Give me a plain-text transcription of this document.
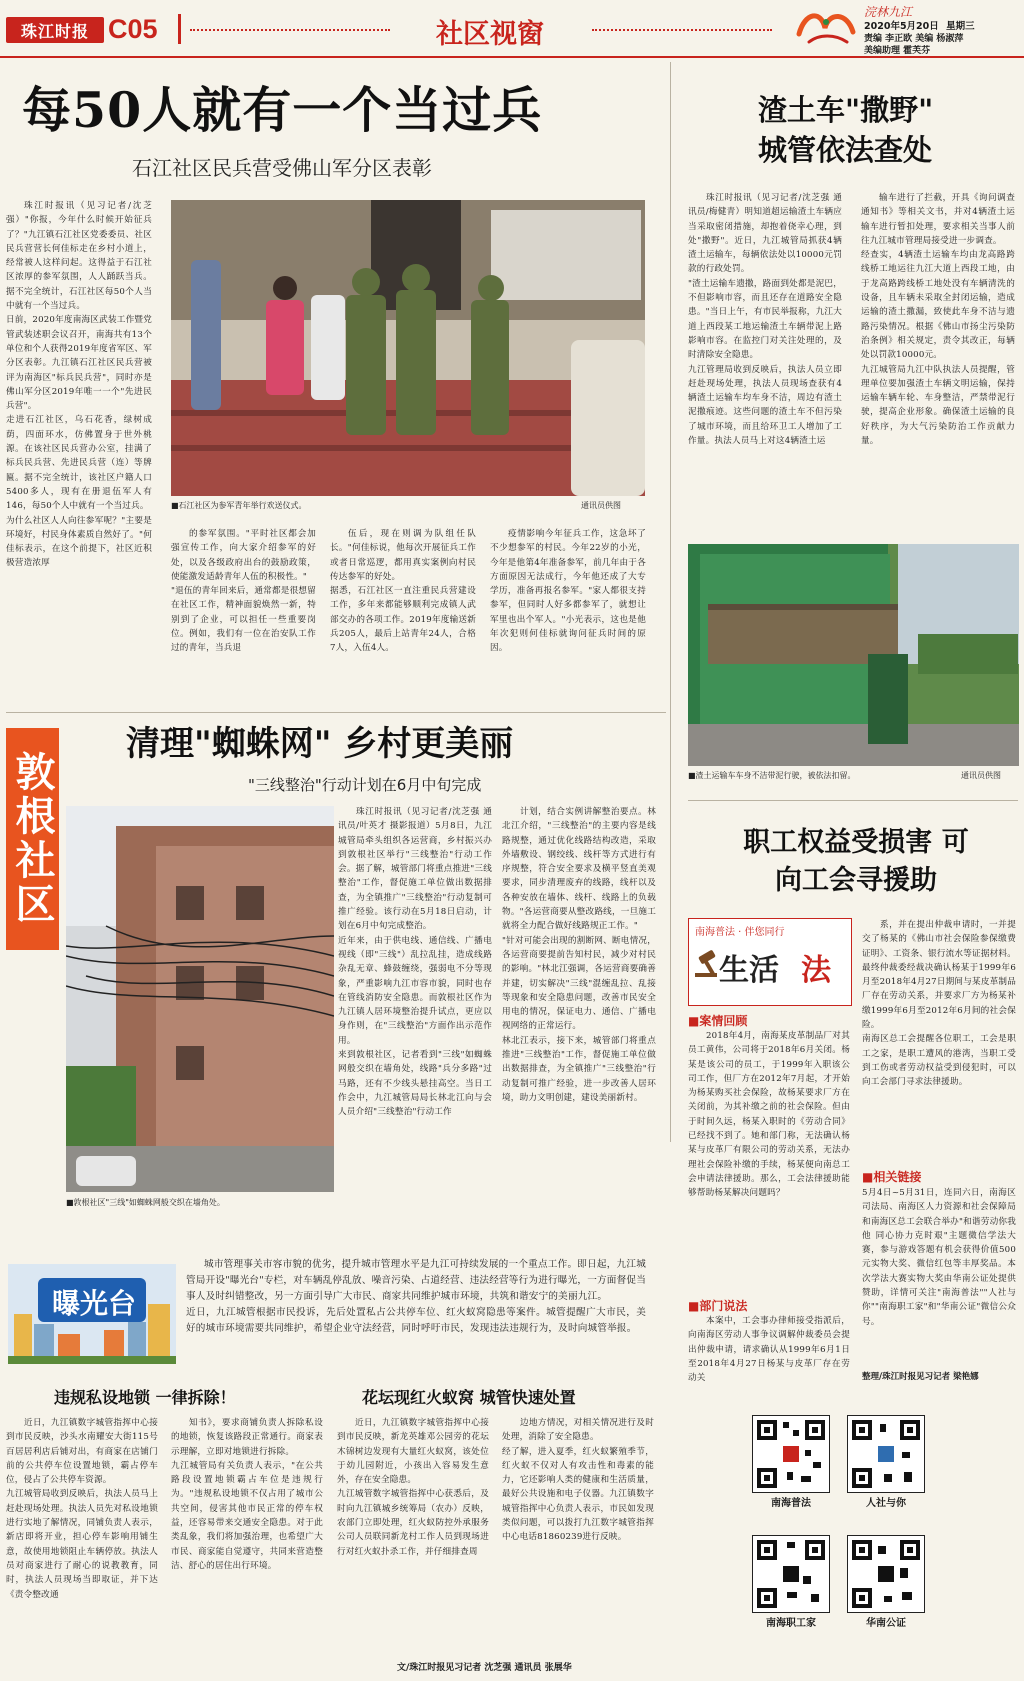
珠江时报 C05	社区视窗
浣林九江
2020年5月20日 星期三
责编 李正欧 美编 杨淑萍
美编助理 霍芙芬
每50人就有一个当过兵
石江社区民兵营受佛山军分区表彰
珠江时报讯（见习记者/沈芝强）"你报，今年什么时候开始征兵了？"九江镇石江社区党委委员、社区民兵营营长何佳标走在乡村小道上，经常被人这样问起。这得益于石江社区浓厚的参军氛围，人人踊跃当兵。据不完全统计，石江社区每50个人当中就有一个当过兵。
日前，2020年度南海区武装工作暨党管武装述职会议召开，南海共有13个单位和个人获得2019年度省军区、军分区表彰。九江镇石江社区民兵营被评为南海区"标兵民兵营"，同时亦是佛山军分区2019年唯一一个"先进民兵营"。
走进石江社区，乌石花香，绿树成荫，四面环水，仿佛置身于世外桃源。在该社区民兵营办公室，挂满了标兵民兵营、先进民兵营（连）等牌匾。据不完全统计，该社区户籍人口5400多人，现有在册退伍军人有146，每50个人中就有一个当过兵。
为什么社区人人向往参军呢？"主要是环境好，村民身体素质自然好了。"何佳标表示，在这个前提下，社区近积极营造浓厚
■石江社区为参军青年举行欢送仪式。	通讯员供图
的参军氛围。"平时社区都会加强宣传工作，向大家介绍参军的好处，以及各级政府出台的鼓励政策，使能激发适龄青年人伍的积极性。"
"退伍的青年回来后，通常都是很想留在社区工作，精神面貌焕然一新，特别到了企业，可以担任一些重要岗位。例如，我们有一位在治安队工作过的青年，当兵退
伍后，现在则调为队组任队长。"何佳标说，他每次开展征兵工作或者日常巡逻，都用真实案例向村民传达参军的好处。
据悉，石江社区一直注重民兵营建设工作，多年来都能够顺利完成镇人武部交办的各项工作。2019年度输送新兵205人，最后上站青年24人，合格7人，入伍4人。
疫情影响今年征兵工作，这急坏了不少想参军的村民。今年22岁的小光，今年是他第4年准备参军，前几年由于各方面原因无法成行，今年他还成了大专学历，准备再报名参军。"家人都很支持参军，但同时人好多都参军了，就想让军里也出个军人。"小光表示，这也是他年次犯则何佳标就询问征兵时间的原因。
渣土车"撒野" 城管依法查处
珠江时报讯（见习记者/沈芝强 通讯员/梅健青）明知道超运输渣土车辆应当采取密闭措施，却抱着侥幸心理，到处"撒野"。近日，九江城管局抓获4辆渣土运输车，每辆依法处以10000元罚款的行政处罚。
"渣土运输车遗撒，路面到处都是泥巴，不但影响市容，而且还存在道路安全隐患。"当日上午，有市民举报称，九江大道上西段某工地运输渣土车辆带泥上路影响市容。在监控门对关注处理的，及时清除安全隐患。
九江管理局收到反映后，执法人员立即赶赴现场处理，执法人员现场查获有4辆渣土运输车均车身不洁，周边有渣土泥撒痕迹。这些问题的渣土车不但污染了城市环境，而且给环卫工人增加了工作量。执法人员马上对这4辆渣土运
输车进行了拦截，开具《询问调查通知书》等相关文书，并对4辆渣土运输车进行暂扣处理，要求相关当事人前往九江城市管理局接受进一步调查。
经查实，4辆渣土运输车均由龙高路跨线桥工地运往九江大道上西段工地，由于龙高路跨线桥工地处没有车辆清洗的设备，且车辆未采取全封闭运输，造成运输的渣土撒漏，致使此车身不洁与遗路污染情况。根据《佛山市扬尘污染防治条例》相关规定，责令其改正，每辆处以罚款10000元。
九江城管局九江中队执法人员提醒，管理单位要加强渣土车辆文明运输，保持运输车辆车轮、车身整洁，严禁带泥行驶，提高企业形象。确保渣土运输的良好秩序，为大气污染防治工作贡献力量。
■渣土运输车车身不洁带泥行驶，被依法扣留。	通讯员供图
敦根社区
清理"蜘蛛网" 乡村更美丽
"三线整治"行动计划在6月中旬完成
■敦根社区"三线"如蜘蛛网般交织在墙角处。
珠江时报讯（见习记者/沈芝强 通讯员/叶英才 摄影报道）5月8日，九江城管局牵头组织各运营商，乡村振兴办到敦根社区举行"三线整治"行动工作会。据了解，城管部门将重点推进"三线整治"工作，督促施工单位做出数据排查，为全镇推广"三线整治"行动复制可推广经验。该行动在5月18日启动，计划在6月中旬完成整治。
近年来，由于供电线、通信线、广播电视线（即"三线"）乱拉乱挂，造成线路杂乱无章、蜂鼓缠绕，强弱电不分等现象，严重影响九江市容市貌，同时也存在管线消防安全隐患。而敦根社区作为九江镇人居环境整治提升试点，更应以身作则，在"三线整治"方面作出示范作用。
来到敦根社区，记者看到"三线"如蜘蛛网般交织在墙角处，线路"兵分多路"过马路，还有不少线头悬挂高空。当日工作会中，九江城管局局长林北江向与会人员介绍"三线整治"行动工作
计划，结合实例讲解整治要点。林北江介绍，"三线整治"的主要内容是线路规整，通过优化线路结构改造，采取外墙敷设、钢绞线、线杆等方式进行有序规整，符合安全要求及横平竖直美观要求，同步清理废弃的线路，线杆以及各种安放在墙体、线杆、线路上的负载物。"各运营商要从整改路线，一旦施工就将全力配合做好线路规正工作。"
"针对可能会出现的割断网、断电情况，各运营商要提前告知村民，减少对村民的影响。"林北江强调，各运营商要确善并建，切实解决"三线"混缠乱拉、乱接等现象和安全隐患问题，改善市民安全用电的情况，保证电力、通信、广播电视网络的正常运行。
林北江表示，接下来，城管部门将重点推进"三线整治"工作，督促施工单位做出数据排查，为全镇推广"三线整治"行动复制可推广经验，进一步改善人居环境，助力文明创建，建设美丽新村。
职工权益受损害 可向工会寻援助
南海普法 · 伴您同行
生活 法
■案情回顾
2018年4月，南海某皮革制品厂对其员工黄伟，公司将于2018年6月关闭。杨某是该公司的员工，于1999年入职该公司工作，但厂方在2012年7月起，才开始为杨某购买社会保险，故杨某要求厂方在关闭前，为其补缴之前的社会保险。但由于时间久远，杨某入职时的《劳动合同》已经找不到了。她和部门称，无法确认杨某与皮革厂有限公司的劳动关系，无法办理社会保险补缴的手续，杨某便向南总工会申请法律援助。那么，工会法律援助能够帮助杨某解决问题吗？
■部门说法
本案中，工会事办律师接受指派后，向南海区劳动人事争议调解仲裁委员会提出仲裁申请，请求确认从1999年6月1日至2018年4月27日杨某与皮革厂存在劳动关
系，并在提出仲裁申请时，一并提交了杨某的《佛山市社会保险参保缴费证明》、工资条、银行流水等证据材料。最终仲裁委经裁决确认杨某于1999年6月至2018年4月27日期间与某皮革制品厂存在劳动关系，并要求厂方为杨某补缴1999年6月至2012年6月间的社会保险。
南海区总工会提醒各位职工，工会是职工之家，是职工遭风的港湾，当职工受到工伤或者劳动权益受到侵犯时，可以向工会部门寻求法律援助。
■相关链接
5月4日~5月31日，连同六日，南海区司法局、南海区人力资源和社会保障局和南海区总工会联合举办"和谐劳动你我他 同心协力克时艰"主题微信学法大赛，参与游戏答题有机会获得价值500元实物大奖、微信红包等丰厚奖品。本次学法大赛实物大奖由华南公证处提供赞助，详情可关注"南海普法""人社与你""南海职工家"和"华南公证"微信公众号。
整理/珠江时报见习记者 梁艳娜
南海普法	人社与你
南海职工家	华南公证
曝光台
城市管理事关市容市貌的优劣，提升城市管理水平是九江可持续发展的一个重点工作。即日起，九江城管局开设"曝光台"专栏，对车辆乱停乱放、噪音污染、占道经营、违法经营等行为进行曝光，一方面督促当事人及时纠错整改，另一方面引导广大市民、商家共同维护城市环境，共筑和谐安宁的美丽九江。
近日，九江城管根据市民投诉，先后处置私占公共停车位、红火蚁窝隐患等案件。城管提醒广大市民，美好的城市环境需要共同维护，希望企业守法经营，同时呼吁市民，发现违法违规行为，及时向城管举报。
违规私设地锁 一律拆除！	花坛现红火蚁窝 城管快速处置
近日，九江镇数字城管指挥中心接到市民反映，沙头水南耀安大街115号百居居利店后铺对出，有商家在店铺门前的公共停车位设置地锁，霸占停车位，侵占了公共停车资源。
九江城管局收到反映后，执法人员马上赶赴现场处理。执法人员先对私设地锁进行实地了解情况，同铺负责人表示，新店即将开业，担心停车影响用铺生意，故使用地锁阻止车辆停放。执法人员对商家进行了耐心的说教教育，同时，执法人员现场当即取证，并下达《责令整改通
知书》，要求商铺负责人拆除私设的地锁，恢复该路段正常通行。商家表示理解，立即对地锁进行拆除。
九江城管局有关负责人表示，"在公共路段设置地锁霸占车位是违规行为。"违规私设地锁不仅占用了城市公共空间，侵害其他市民正常的停车权益，还容易带来交通安全隐患。对于此类乱象，我们将加强治理，也希望广大市民、商家能自觉遵守，共同来营造整洁、舒心的居住出行环境。
近日，九江镇数字城管指挥中心接到市民反映，新龙英雄邓公园旁的花坛木锦树边发现有大量红火蚁窝，该处位于幼儿园附近，小孩出入容易发生意外，存在安全隐患。
九江城管数字城管指挥中心获悉后，及时向九江镇城乡统筹局（农办）反映，农部门立即处理，红火蚁防控外承服务公司人员联同新龙村工作人员到现场进行对红火蚁扑杀工作，并仔细排查周
边地方情况，对相关情况进行及时处理，消除了安全隐患。
经了解，进入夏季，红火蚁繁殖季节，红火蚁不仅对人有攻击性和毒素的能力，它还影响人类的健康和生活质量，最好公共设施和电子仪器。九江镇数字城管指挥中心负责人表示，市民如发现类似问题，可以拨打九江数字城管指挥中心电话81860239进行反映。
文/珠江时报见习记者 沈芝强 通讯员 张展华
